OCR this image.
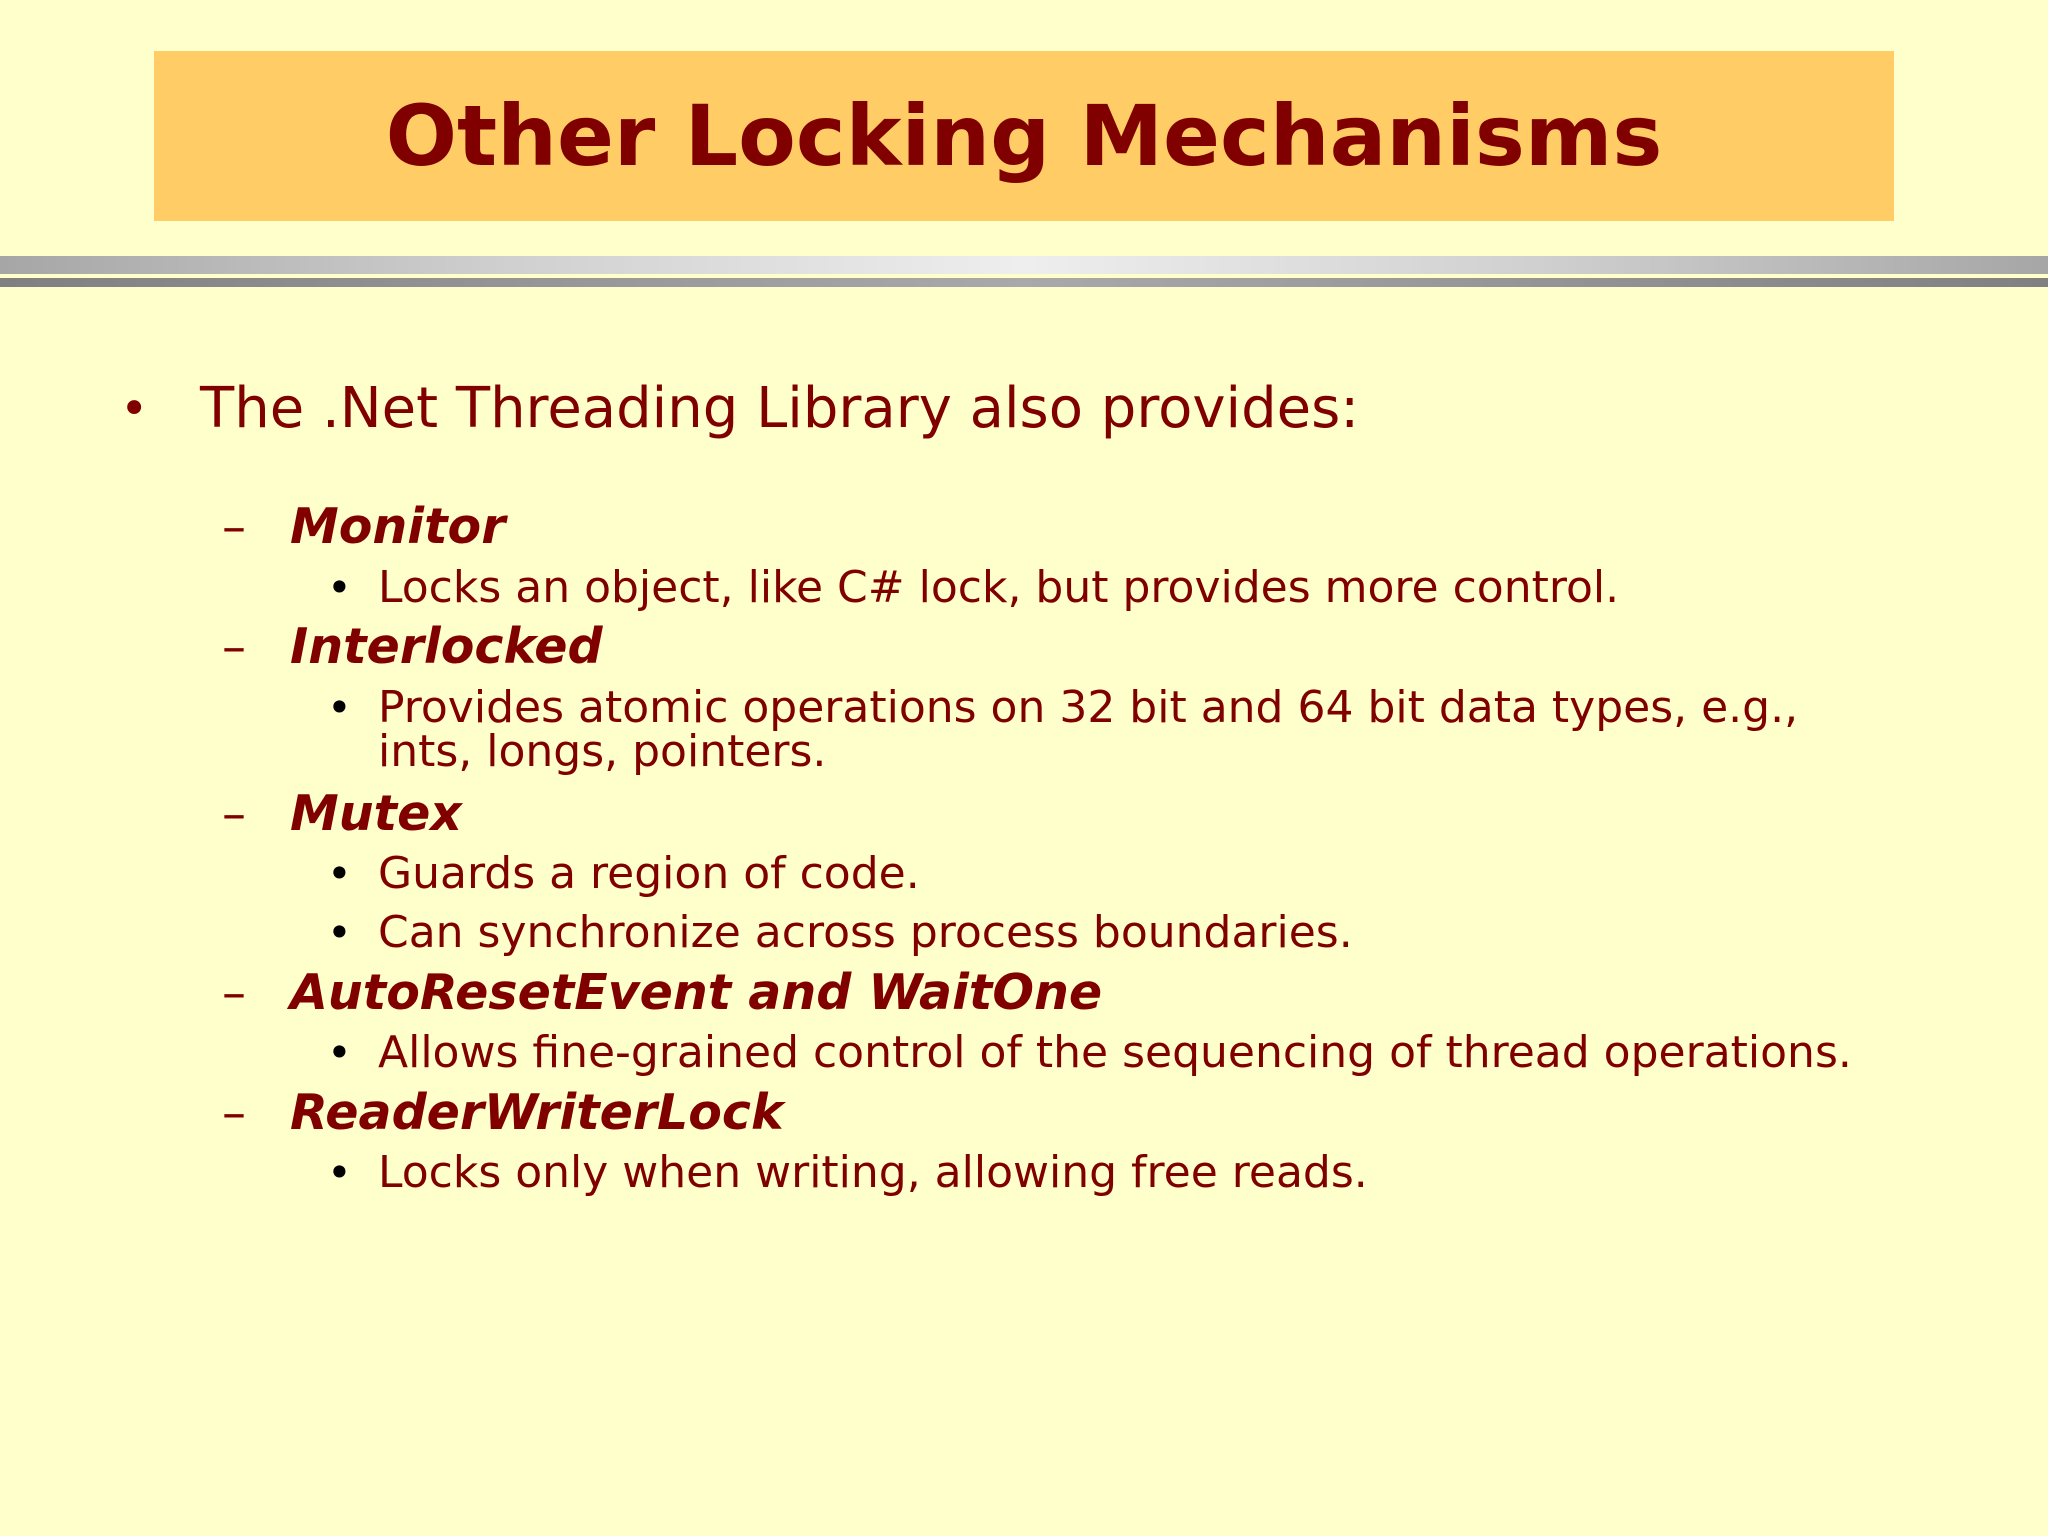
Other Locking Mechanisms
• The .Net Threading Library also provides:
– Monitor
• Locks an object, like C# lock, but provides more control.
– Interlocked
• Provides atomic operations on 32 bit and 64 bit data types, e.g., ints, longs, pointers.
– Mutex
• Guards a region of code.
• Can synchronize across process boundaries.
– AutoResetEvent and WaitOne
• Allows fine-grained control of the sequencing of thread operations.
– ReaderWriterLock
• Locks only when writing, allowing free reads.
